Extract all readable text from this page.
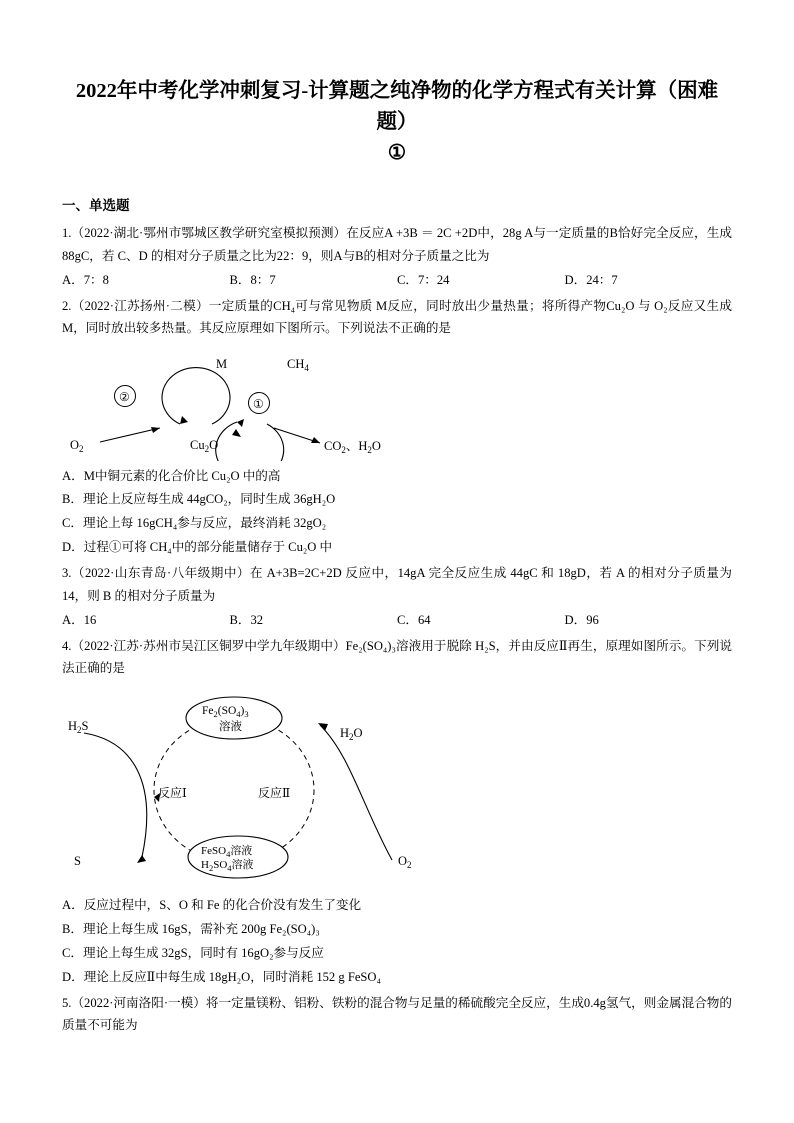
2022年中考化学冲刺复习-计算题之纯净物的化学方程式有关计算（困难题）
①
一、单选题
1.（2022·湖北·鄂州市鄂城区教学研究室模拟预测）在反应A +3B ＝ 2C +2D中，28g A与一定质量的B恰好完全反应，生成88gC，若 C、D 的相对分子质量之比为22：9，则A与B的相对分子质量之比为
A．7：8	B．8：7	C．7：24	D．24：7
2.（2022·江苏扬州·二模）一定质量的CH₄可与常见物质 M反应，同时放出少量热量；将所得产物Cu₂O 与 O₂反应又生成 M，同时放出较多热量。其反应原理如下图所示。下列说法不正确的是
M	$CH_4$
②	①
$O_2$	$Cu_2O$	$CO_2$、$H_2O$
A．M中铜元素的化合价比 Cu₂O 中的高
B．理论上反应每生成 44gCO₂，同时生成 36gH₂O
C．理论上每 16gCH₄参与反应，最终消耗 32gO₂
D．过程①可将 CH₄中的部分能量储存于 Cu₂O 中
3.（2022·山东青岛·八年级期中）在 A+3B=2C+2D 反应中，14gA 完全反应生成 44gC 和 18gD，若 A 的相对分子质量为 14，则 B 的相对分子质量为
A．16	B．32	C．64	D．96
4.（2022·江苏·苏州市吴江区铜罗中学九年级期中）Fe₂(SO₄)₃溶液用于脱除 H₂S，并由反应Ⅱ再生，原理如图所示。下列说法正确的是
$Fe_2(SO_4)_3$
溶液
FeSO$_4$溶液
$H_2SO_4$溶液
$H_2S$
S
$H_2O$
$O_2$
反应Ⅰ	反应Ⅱ
A．反应过程中，S、O 和 Fe 的化合价没有发生了变化
B．理论上每生成 16gS，需补充 200g Fe₂(SO₄)₃
C．理论上每生成 32gS，同时有 16gO₂参与反应
D．理论上反应Ⅱ中每生成 18gH₂O，同时消耗 152 g FeSO₄
5.（2022·河南洛阳·一模）将一定量镁粉、铝粉、铁粉的混合物与足量的稀硫酸完全反应，生成0.4g氢气，则金属混合物的质量不可能为
